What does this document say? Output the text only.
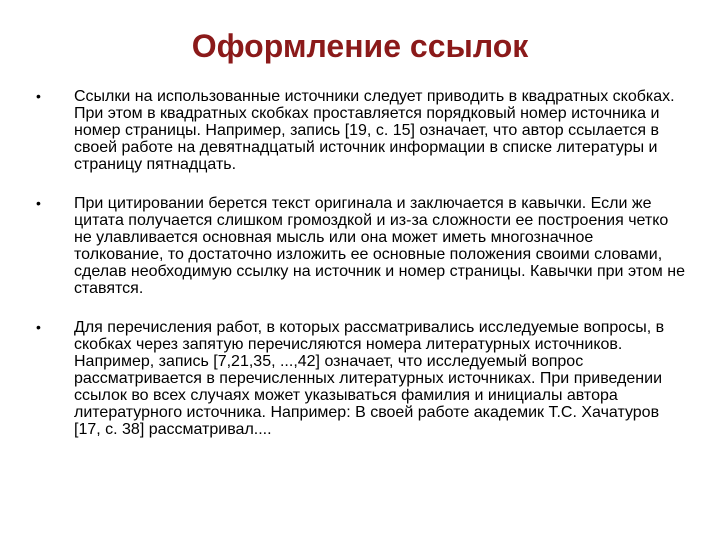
Оформление ссылок
•	Ссылки на использованные источники следует приводить в квадратных скобках. При этом в квадратных скобках проставляется порядковый номер источника и номер страницы. Например, запись [19, с. 15] означает, что автор ссылается в своей работе на девятнадцатый источник информации в списке литературы и страницу пятнадцать.
•	При цитировании берется текст оригинала и заключается в кавычки. Если же цитата получается слишком громоздкой и из-за сложности ее построения четко не улавливается основная мысль или она может иметь многозначное толкование, то достаточно изложить ее основные положения своими словами, сделав необходимую ссылку на источник и номер страницы. Кавычки при этом не ставятся.
•	Для перечисления работ, в которых рассматривались исследуемые вопросы, в скобках через запятую перечисляются номера литературных источников. Например, запись [7,21,35, ...,42] означает, что исследуемый вопрос рассматривается в перечисленных литературных источниках. При приведении ссылок во всех случаях может указываться фамилия и инициалы автора литературного источника. Например: В своей работе академик Т.С. Хачатуров [17, с. 38] рассматривал....
